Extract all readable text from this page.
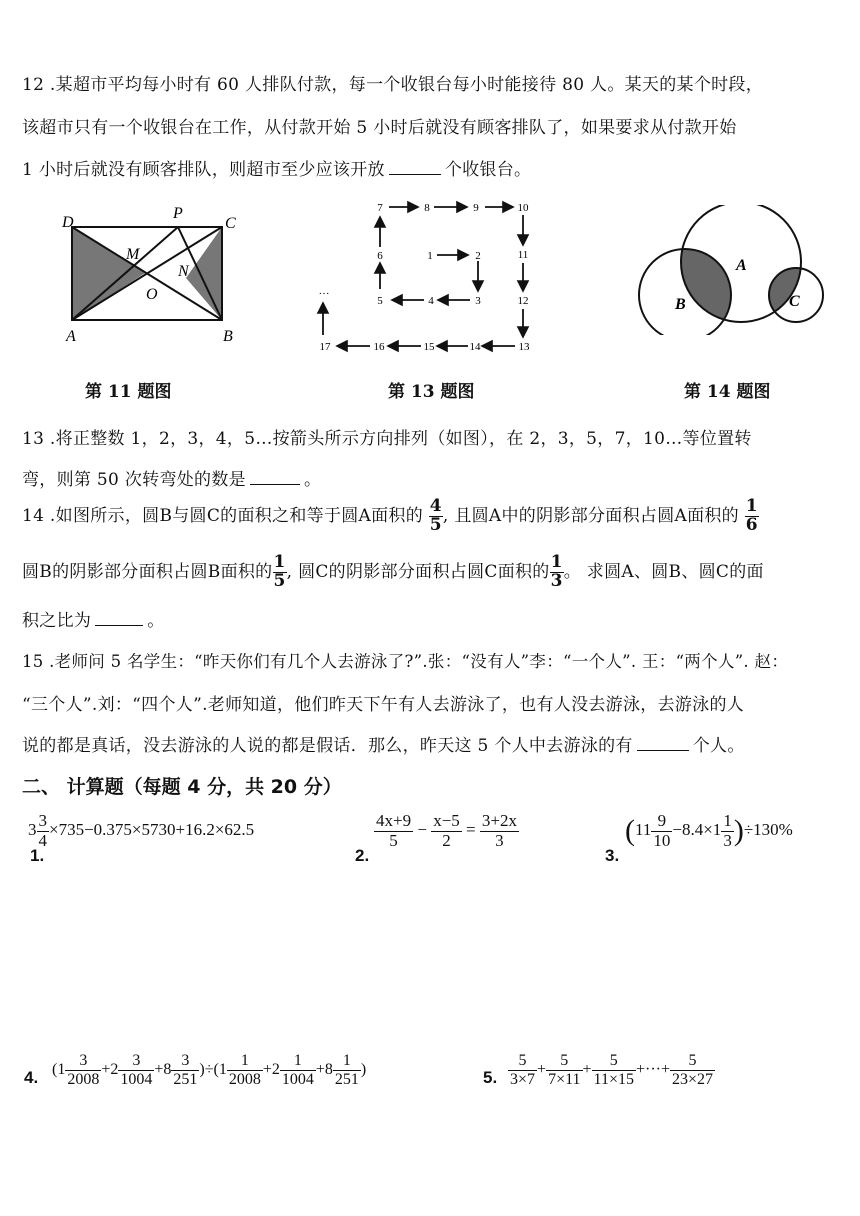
12 .某超市平均每小时有 60 人排队付款，每一个收银台每小时能接待 80 人。某天的某个时段，
该超市只有一个收银台在工作，从付款开始 5 小时后就没有顾客排队了，如果要求从付款开始
1 小时后就没有顾客排队，则超市至少应该开放	个收银台。
D
P
C
M
N
O
A	B
第 11 题图
1	2
3
4
5
6
7	8	9	10
11
12
13
14
15
16
17
···
第 13 题图
A
B	C
第 14 题图
13 .将正整数 1，2，3，4，5…按箭头所示方向排列（如图），在 2，3，5，7，10…等位置转
弯，则第 50 次转弯处的数是	。
14 .如图所示，圆B与圆C的面积之和等于圆A面积的 $\frac{4}{5}$ , 且圆A中的阴影部分面积占圆A面积的 $\frac{1}{6}$
圆B的阴影部分面积占圆B面积的 $\frac{1}{5}$ , 圆C的阴影部分面积占圆C面积的 $\frac{1}{3}$ 。 求圆A、圆B、圆C的面
积之比为	。
15 .老师问 5 名学生：“昨天你们有几个人去游泳了?”.张：“没有人”李：“一个人”. 王：“两个人”. 赵：
“三个人”.刘：“四个人”.老师知道，他们昨天下午有人去游泳了，也有人没去游泳，去游泳的人
说的都是真话，没去游泳的人说的都是假话．那么，昨天这 5 个人中去游泳的有	个人。
二、 计算题（每题 4 分，共 20 分）
$3 \frac{3}{4} \times 735-0.375\times 5730+16.2\times 62.5$
1.	2.
$\frac{4x+9}{5} - \frac{x-5}{2} = \frac{3+2x}{3}$
3.
$(11 \frac{9}{10} -8.4\times 1 \frac{1}{3} )\div 130\%$
4. $(1 \frac{3}{2008} +2 \frac{3}{1004} +8 \frac{3}{251} )\div(1 \frac{1}{2008} +2 \frac{1}{1004} +8 \frac{1}{251}$ )	5. $\frac{5}{3\times 7} + \frac{5}{7\times 11} + \frac{5}{11\times 15}$ +···+ $\frac{5}{23\times 27}$
